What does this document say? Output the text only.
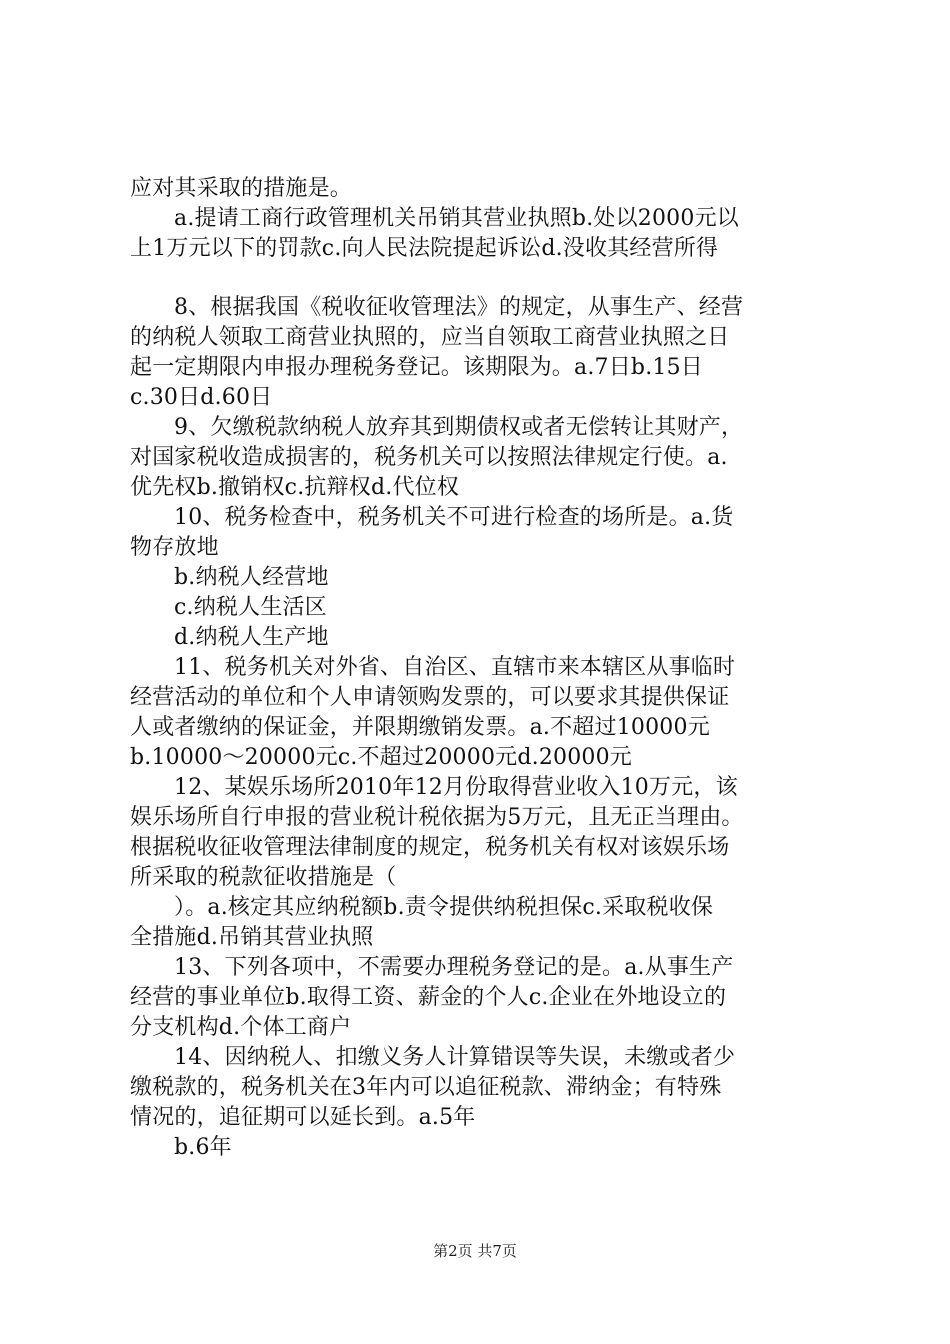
应对其采取的措施是。
a.提请工商行政管理机关吊销其营业执照b.处以2000元以
上1万元以下的罚款c.向人民法院提起诉讼d.没收其经营所得
8、根据我国《税收征收管理法》的规定，从事生产、经营
的纳税人领取工商营业执照的，应当自领取工商营业执照之日
起一定期限内申报办理税务登记。该期限为。a.7日b.15日
c.30日d.60日
9、欠缴税款纳税人放弃其到期债权或者无偿转让其财产，
对国家税收造成损害的，税务机关可以按照法律规定行使。a.
优先权b.撤销权c.抗辩权d.代位权
10、税务检查中，税务机关不可进行检查的场所是。a.货
物存放地
b.纳税人经营地
c.纳税人生活区
d.纳税人生产地
11、税务机关对外省、自治区、直辖市来本辖区从事临时
经营活动的单位和个人申请领购发票的，可以要求其提供保证
人或者缴纳的保证金，并限期缴销发票。a.不超过10000元
b.10000～20000元c.不超过20000元d.20000元
12、某娱乐场所2010年12月份取得营业收入10万元，该
娱乐场所自行申报的营业税计税依据为5万元，且无正当理由。
根据税收征收管理法律制度的规定，税务机关有权对该娱乐场
所采取的税款征收措施是（
）。a.核定其应纳税额b.责令提供纳税担保c.采取税收保
全措施d.吊销其营业执照
13、下列各项中，不需要办理税务登记的是。a.从事生产
经营的事业单位b.取得工资、薪金的个人c.企业在外地设立的
分支机构d.个体工商户
14、因纳税人、扣缴义务人计算错误等失误，未缴或者少
缴税款的，税务机关在3年内可以追征税款、滞纳金；有特殊
情况的，追征期可以延长到。a.5年
b.6年
第2页 共7页
